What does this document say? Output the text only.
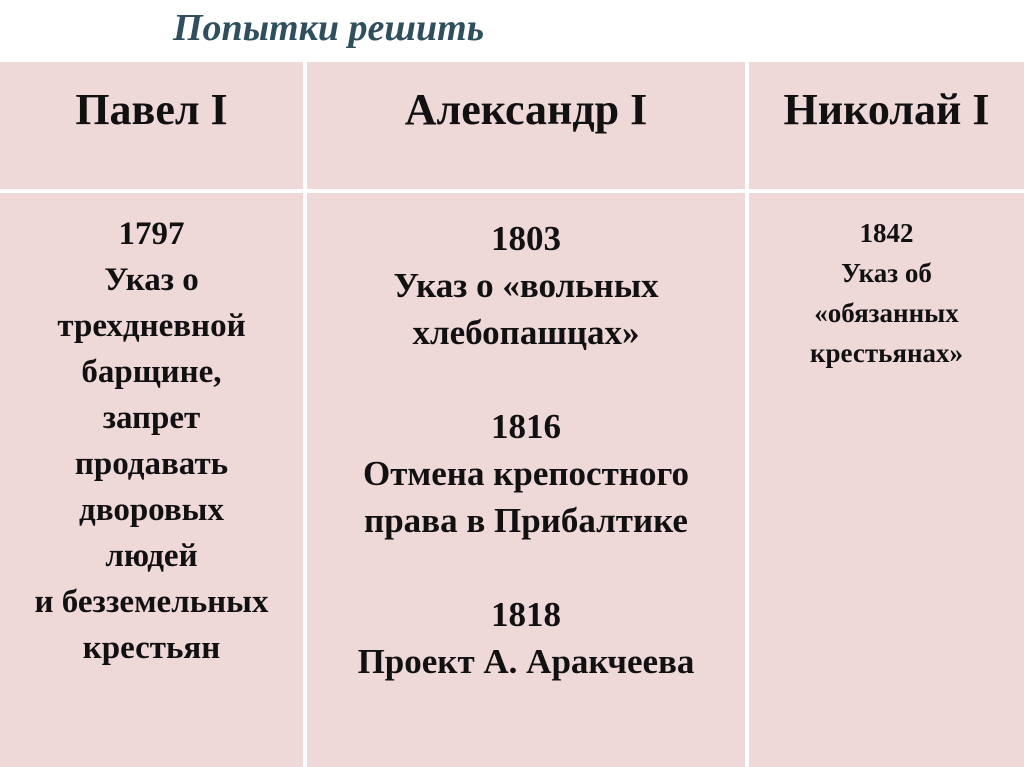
Попытки решить
Павел I	Александр I	Николай I
1797
Указ о
трехдневной
барщине,
запрет
продавать
дворовых
людей
и безземельных
крестьян
1803
Указ о «вольных
хлебопашцах»
1816
Отмена крепостного
права в Прибалтике
1818
Проект А. Аракчеева
1842
Указ об
«обязанных
крестьянах»
